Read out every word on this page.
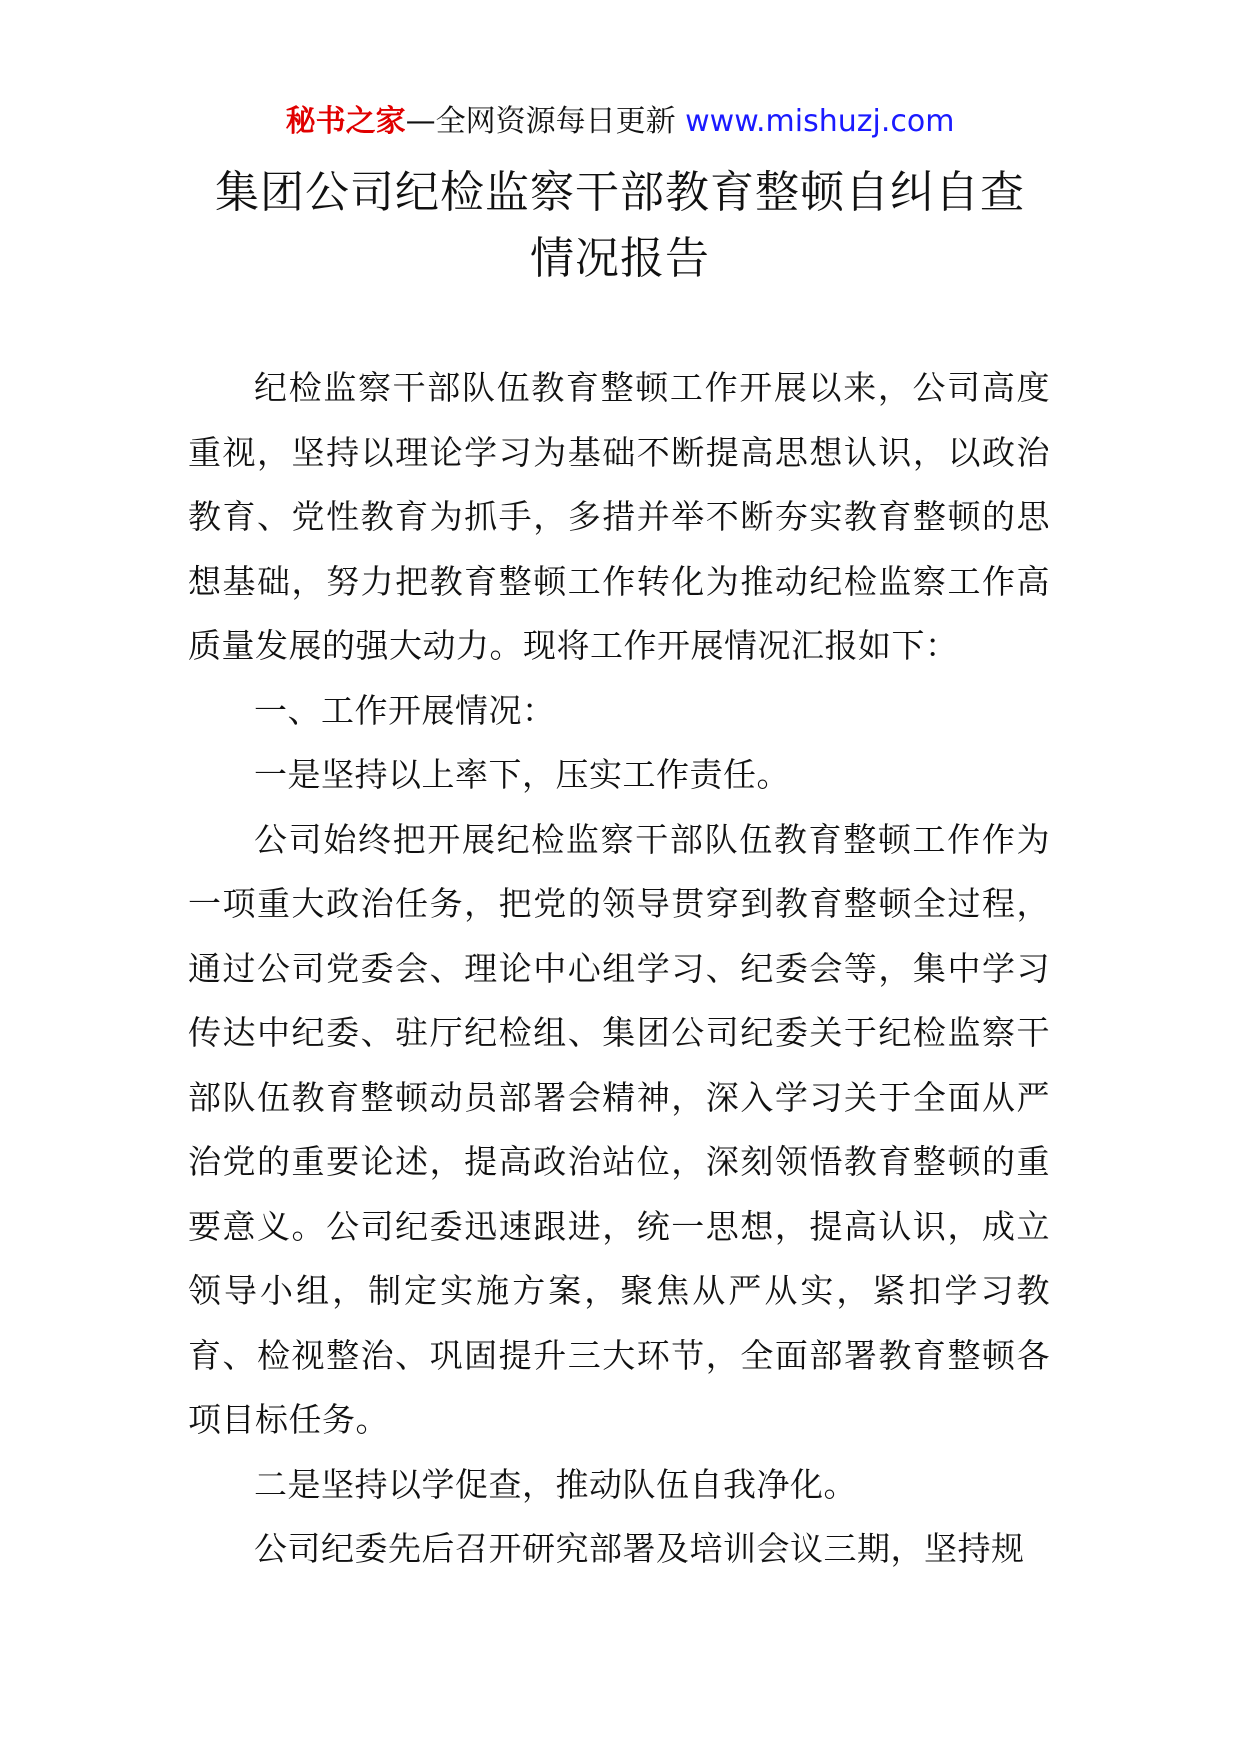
秘书之家—全网资源每日更新 www.mishuzj.com
集团公司纪检监察干部教育整顿自纠自查
情况报告

纪检监察干部队伍教育整顿工作开展以来，公司高度重视，坚持以理论学习为基础不断提高思想认识，以政治教育、党性教育为抓手，多措并举不断夯实教育整顿的思想基础，努力把教育整顿工作转化为推动纪检监察工作高质量发展的强大动力。现将工作开展情况汇报如下：

一、工作开展情况：

一是坚持以上率下，压实工作责任。

公司始终把开展纪检监察干部队伍教育整顿工作作为一项重大政治任务，把党的领导贯穿到教育整顿全过程，通过公司党委会、理论中心组学习、纪委会等，集中学习传达中纪委、驻厅纪检组、集团公司纪委关于纪检监察干部队伍教育整顿动员部署会精神，深入学习关于全面从严治党的重要论述，提高政治站位，深刻领悟教育整顿的重要意义。公司纪委迅速跟进，统一思想，提高认识，成立领导小组，制定实施方案，聚焦从严从实，紧扣学习教育、检视整治、巩固提升三大环节，全面部署教育整顿各项目标任务。

二是坚持以学促查，推动队伍自我净化。

公司纪委先后召开研究部署及培训会议三期，坚持规
